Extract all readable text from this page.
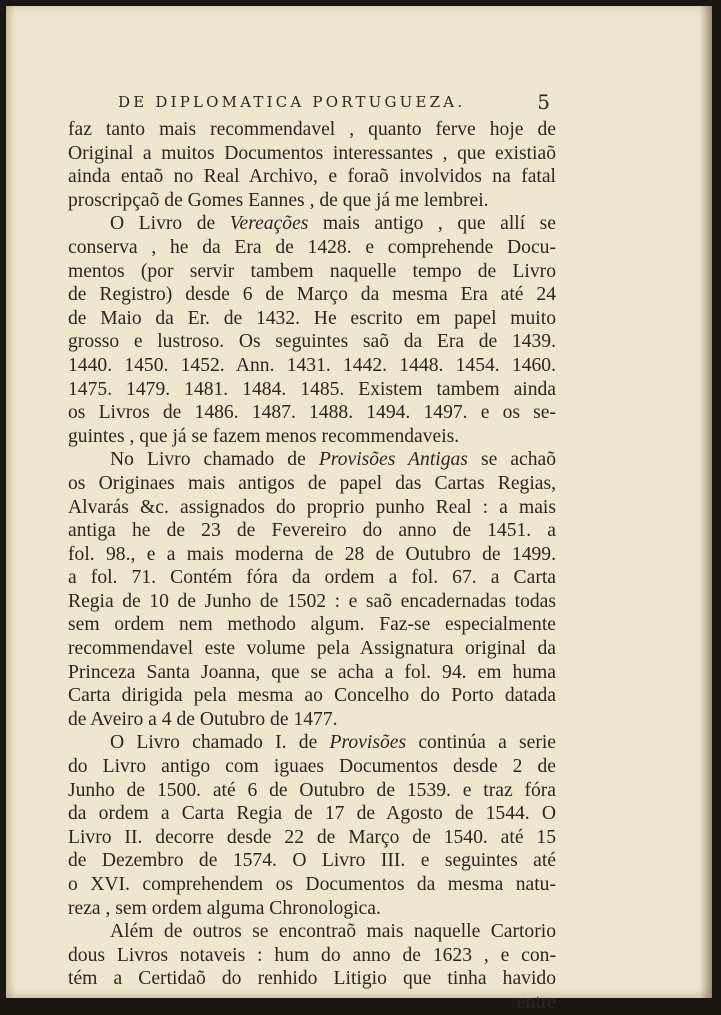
DE DIPLOMATICA PORTUGUEZA.	5
faz tanto mais recommendavel , quanto ferve hoje de
Original a muitos Documentos interessantes , que existiaõ
ainda entaõ no Real Archivo, e foraõ involvidos na fatal
proscripçaõ de Gomes Eannes , de que já me lembrei.
O Livro de Vereações mais antigo , que allí se
conserva , he da Era de 1428. e comprehende Docu-
mentos (por servir tambem naquelle tempo de Livro
de Registro) desde 6 de Março da mesma Era até 24
de Maio da Er. de 1432. He escrito em papel muito
grosso e lustroso. Os seguintes saõ da Era de 1439.
1440. 1450. 1452. Ann. 1431. 1442. 1448. 1454. 1460.
1475. 1479. 1481. 1484. 1485. Existem tambem ainda
os Livros de 1486. 1487. 1488. 1494. 1497. e os se-
guintes , que já se fazem menos recommendaveis.
No Livro chamado de Provisões Antigas se achaõ
os Originaes mais antigos de papel das Cartas Regias,
Alvarás &c. assignados do proprio punho Real : a mais
antiga he de 23 de Fevereiro do anno de 1451. a
fol. 98., e a mais moderna de 28 de Outubro de 1499.
a fol. 71. Contém fóra da ordem a fol. 67. a Carta
Regia de 10 de Junho de 1502 : e saõ encadernadas todas
sem ordem nem methodo algum. Faz-se especialmente
recommendavel este volume pela Assignatura original da
Princeza Santa Joanna, que se acha a fol. 94. em huma
Carta dirigida pela mesma ao Concelho do Porto datada
de Aveiro a 4 de Outubro de 1477.
O Livro chamado I. de Provisões continúa a serie
do Livro antigo com iguaes Documentos desde 2 de
Junho de 1500. até 6 de Outubro de 1539. e traz fóra
da ordem a Carta Regia de 17 de Agosto de 1544. O
Livro II. decorre desde 22 de Março de 1540. até 15
de Dezembro de 1574. O Livro III. e seguintes até
o XVI. comprehendem os Documentos da mesma natu-
reza , sem ordem alguma Chronologica.
Além de outros se encontraõ mais naquelle Cartorio
dous Livros notaveis : hum do anno de 1623 , e con-
tém a Certidaõ do renhido Litigio que tinha havido
entre
